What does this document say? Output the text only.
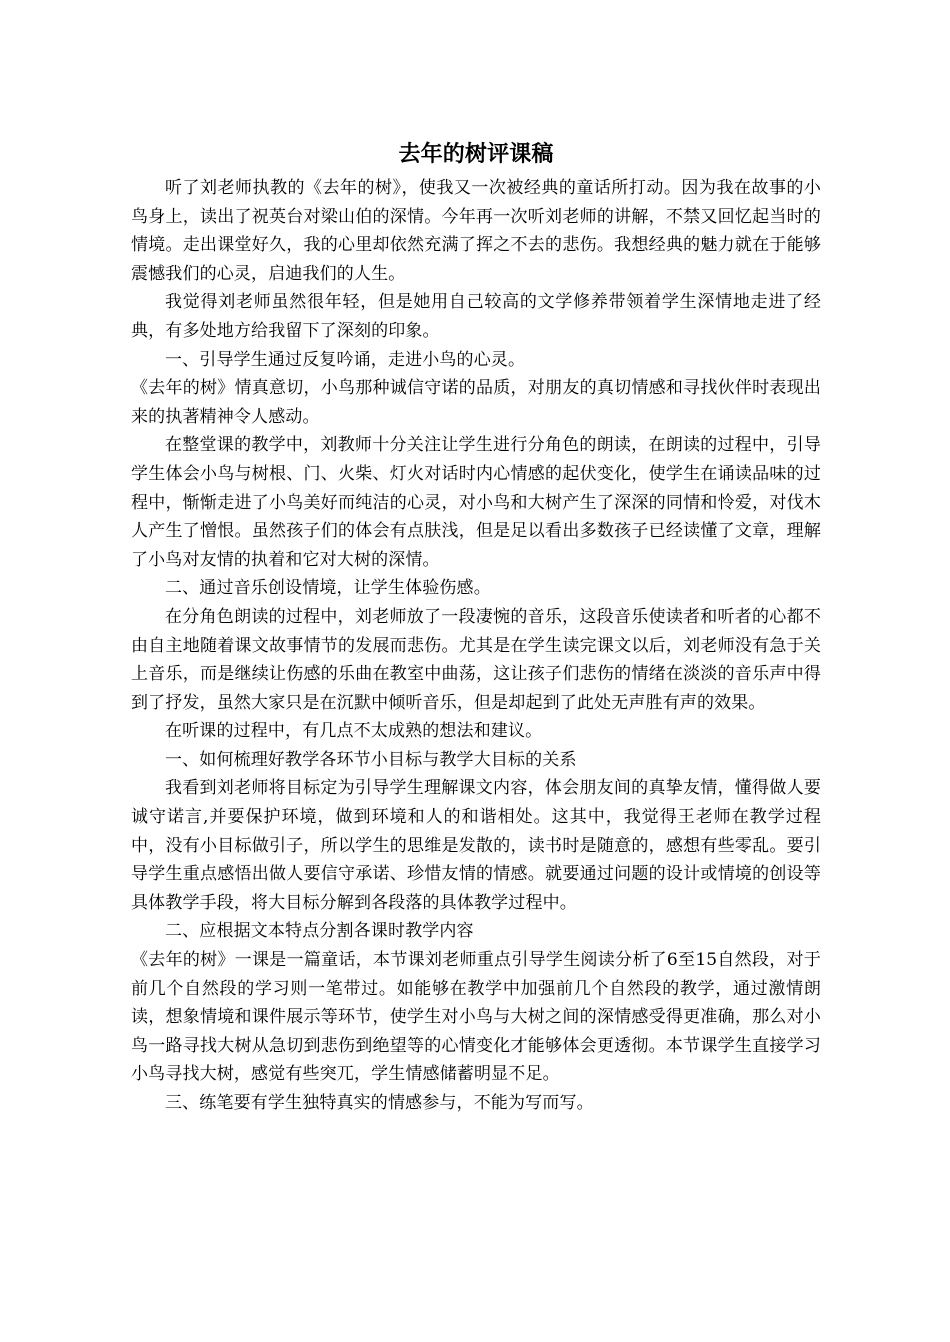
去年的树评课稿

听了刘老师执教的《去年的树》，使我又一次被经典的童话所打动。因为我在故事的小鸟身上，读出了祝英台对梁山伯的深情。今年再一次听刘老师的讲解，不禁又回忆起当时的情境。走出课堂好久，我的心里却依然充满了挥之不去的悲伤。我想经典的魅力就在于能够震憾我们的心灵，启迪我们的人生。

我觉得刘老师虽然很年轻，但是她用自己较高的文学修养带领着学生深情地走进了经典，有多处地方给我留下了深刻的印象。

一、引导学生通过反复吟诵，走进小鸟的心灵。

《去年的树》情真意切，小鸟那种诚信守诺的品质，对朋友的真切情感和寻找伙伴时表现出来的执著精神令人感动。

在整堂课的教学中，刘教师十分关注让学生进行分角色的朗读，在朗读的过程中，引导学生体会小鸟与树根、门、火柴、灯火对话时内心情感的起伏变化，使学生在诵读品味的过程中，惭惭走进了小鸟美好而纯洁的心灵，对小鸟和大树产生了深深的同情和怜爱，对伐木人产生了憎恨。虽然孩子们的体会有点肤浅，但是足以看出多数孩子已经读懂了文章，理解了小鸟对友情的执着和它对大树的深情。

二、通过音乐创设情境，让学生体验伤感。

在分角色朗读的过程中，刘老师放了一段凄惋的音乐，这段音乐使读者和听者的心都不由自主地随着课文故事情节的发展而悲伤。尤其是在学生读完课文以后，刘老师没有急于关上音乐，而是继续让伤感的乐曲在教室中曲荡，这让孩子们悲伤的情绪在淡淡的音乐声中得到了抒发，虽然大家只是在沉默中倾听音乐，但是却起到了此处无声胜有声的效果。

在听课的过程中，有几点不太成熟的想法和建议。

一、如何梳理好教学各环节小目标与教学大目标的关系

我看到刘老师将目标定为引导学生理解课文内容，体会朋友间的真挚友情，懂得做人要诚守诺言,并要保护环境，做到环境和人的和谐相处。这其中，我觉得王老师在教学过程中，没有小目标做引子，所以学生的思维是发散的，读书时是随意的，感想有些零乱。要引导学生重点感悟出做人要信守承诺、珍惜友情的情感。就要通过问题的设计或情境的创设等具体教学手段，将大目标分解到各段落的具体教学过程中。

二、应根据文本特点分割各课时教学内容

《去年的树》一课是一篇童话，本节课刘老师重点引导学生阅读分析了6至15自然段，对于前几个自然段的学习则一笔带过。如能够在教学中加强前几个自然段的教学，通过激情朗读，想象情境和课件展示等环节，使学生对小鸟与大树之间的深情感受得更准确，那么对小鸟一路寻找大树从急切到悲伤到绝望等的心情变化才能够体会更透彻。本节课学生直接学习小鸟寻找大树，感觉有些突兀，学生情感储蓄明显不足。

三、练笔要有学生独特真实的情感参与，不能为写而写。
